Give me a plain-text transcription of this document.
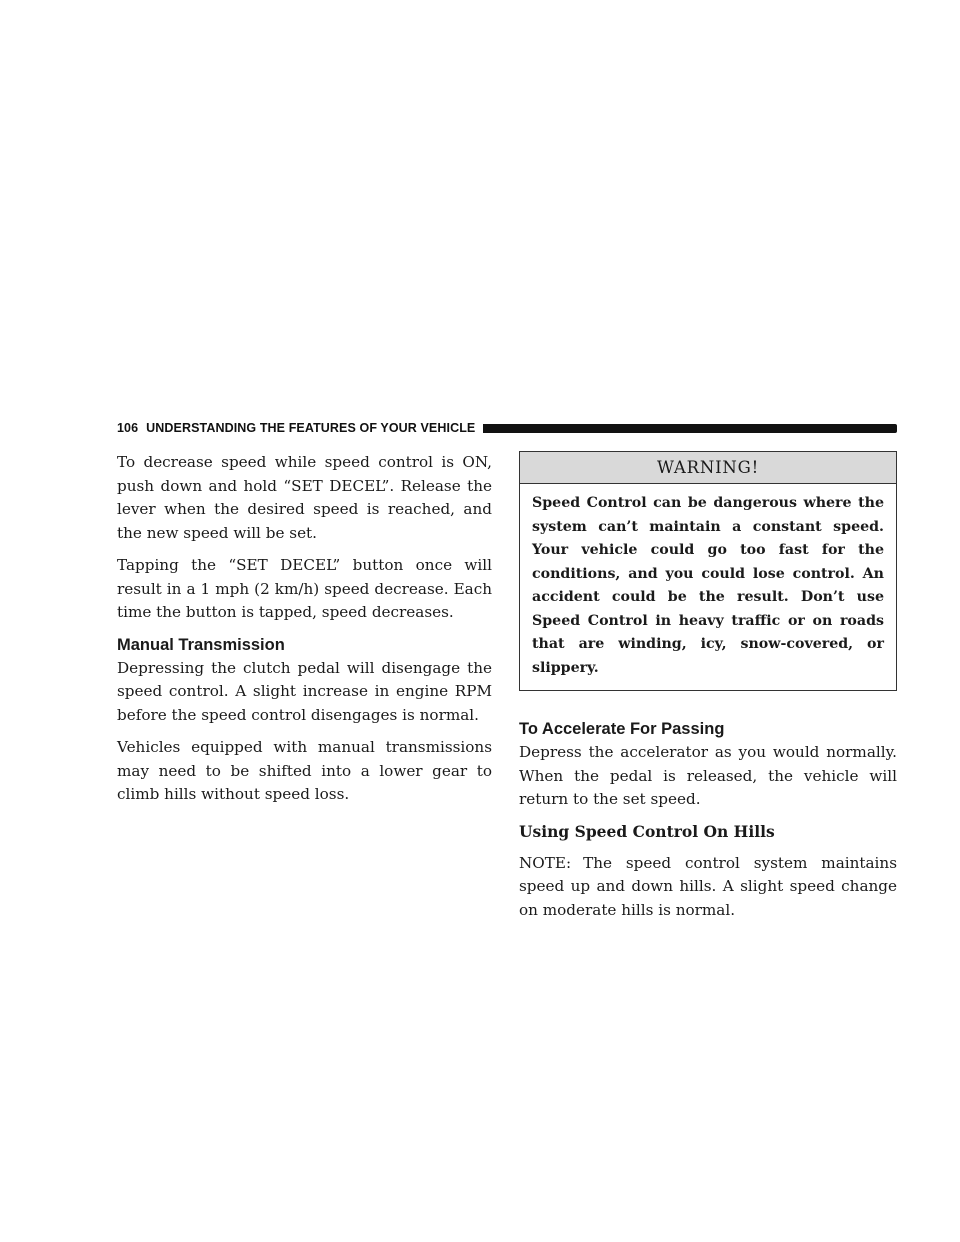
106 UNDERSTANDING THE FEATURES OF YOUR VEHICLE

To decrease speed while speed control is ON, push down and hold “SET DECEL”. Release the lever when the desired speed is reached, and the new speed will be set.

Tapping the “SET DECEL” button once will result in a 1 mph (2 km/h) speed decrease. Each time the button is tapped, speed decreases.

Manual Transmission

Depressing the clutch pedal will disengage the speed control. A slight increase in engine RPM before the speed control disengages is normal.

Vehicles equipped with manual transmissions may need to be shifted into a lower gear to climb hills without speed loss.

WARNING!
Speed Control can be dangerous where the system can’t maintain a constant speed. Your vehicle could go too fast for the conditions, and you could lose control. An accident could be the result. Don’t use Speed Control in heavy traffic or on roads that are winding, icy, snow-covered, or slippery.
To Accelerate For Passing

Depress the accelerator as you would normally. When the pedal is released, the vehicle will return to the set speed.

Using Speed Control On Hills

NOTE: The speed control system maintains speed up and down hills. A slight speed change on moderate hills is normal.
